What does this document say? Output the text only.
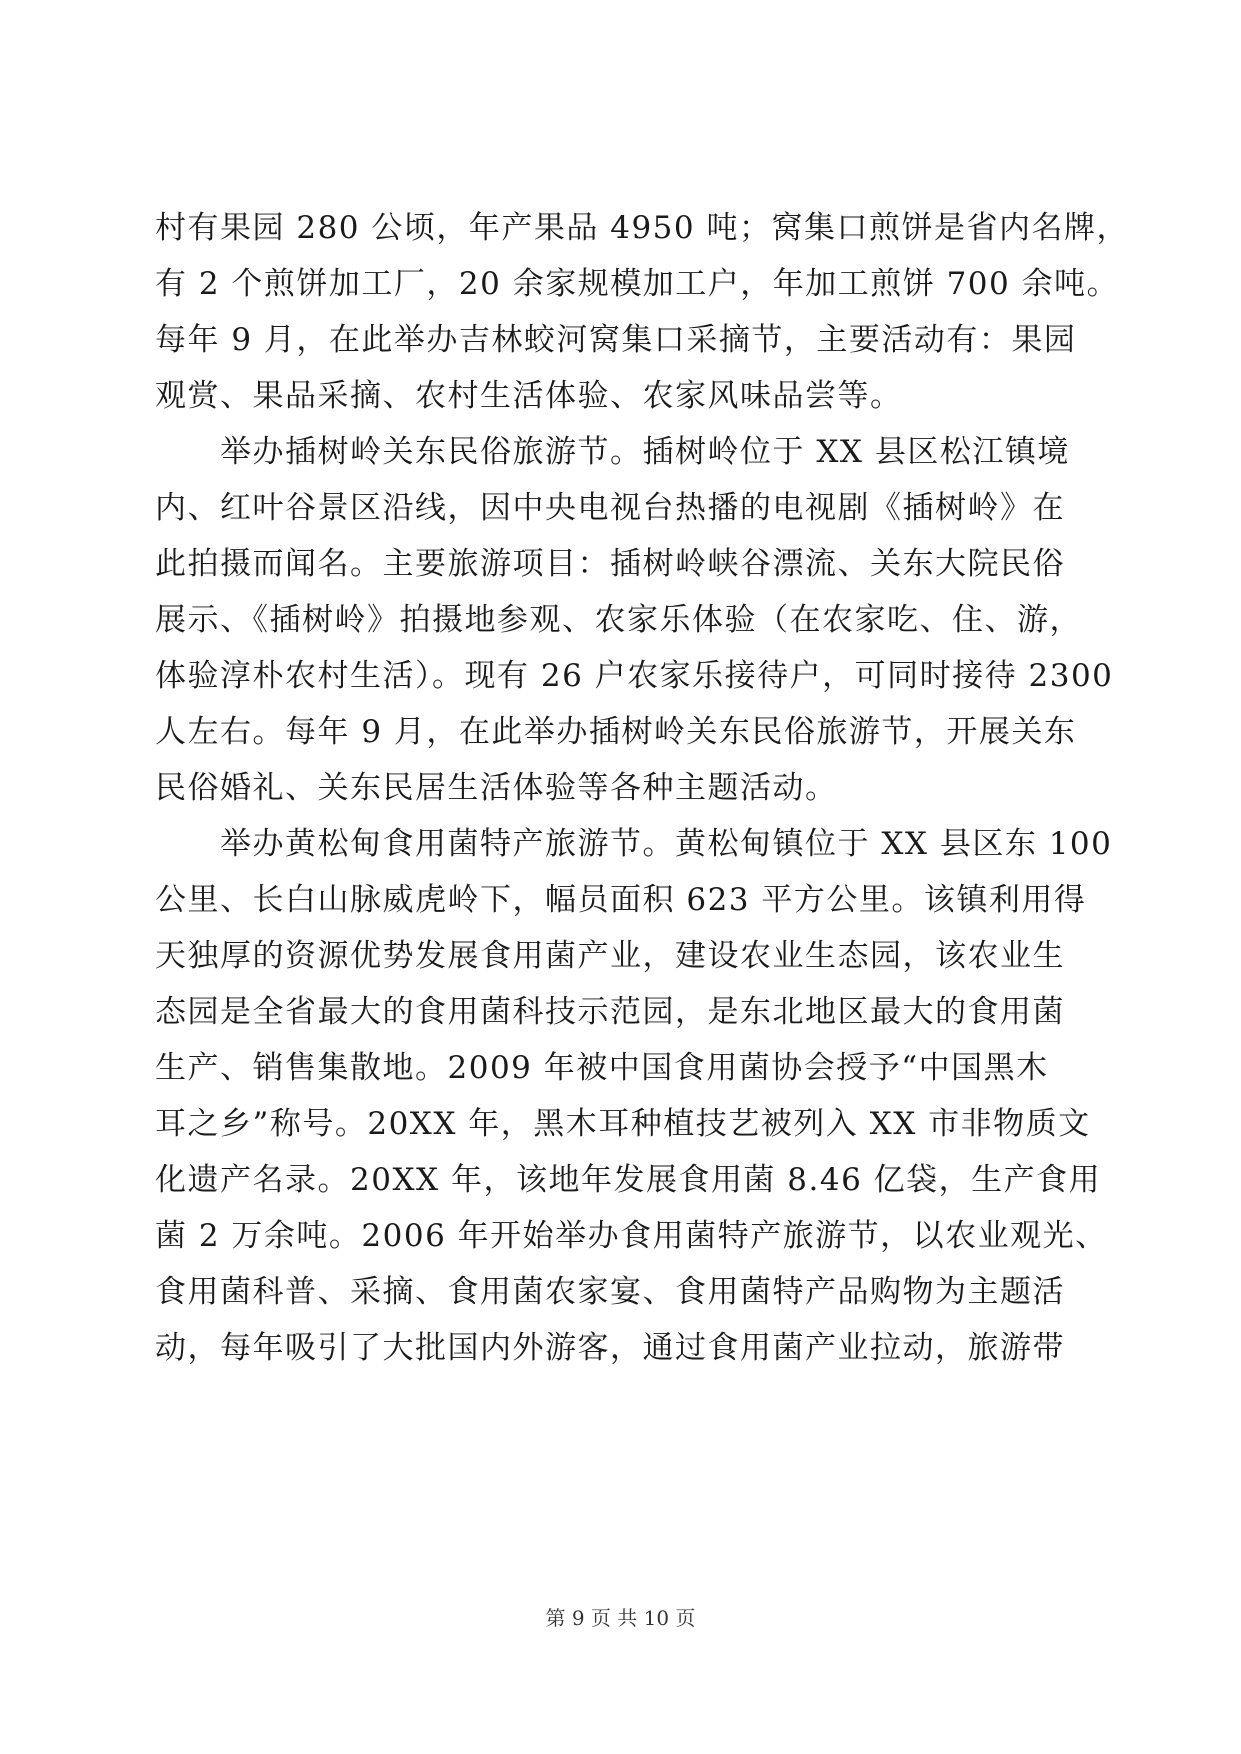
村有果园 280 公顷，年产果品 4950 吨；窝集口煎饼是省内名牌，
有 2 个煎饼加工厂，20 余家规模加工户，年加工煎饼 700 余吨。
每年 9 月，在此举办吉林蛟河窝集口采摘节，主要活动有：果园
观赏、果品采摘、农村生活体验、农家风味品尝等。
　　举办插树岭关东民俗旅游节。插树岭位于 XX 县区松江镇境
内、红叶谷景区沿线，因中央电视台热播的电视剧《插树岭》在
此拍摄而闻名。主要旅游项目：插树岭峡谷漂流、关东大院民俗
展示、《插树岭》拍摄地参观、农家乐体验（在农家吃、住、游，
体验淳朴农村生活）。现有 26 户农家乐接待户，可同时接待 2300
人左右。每年 9 月，在此举办插树岭关东民俗旅游节，开展关东
民俗婚礼、关东民居生活体验等各种主题活动。
　　举办黄松甸食用菌特产旅游节。黄松甸镇位于 XX 县区东 100
公里、长白山脉威虎岭下，幅员面积 623 平方公里。该镇利用得
天独厚的资源优势发展食用菌产业，建设农业生态园，该农业生
态园是全省最大的食用菌科技示范园，是东北地区最大的食用菌
生产、销售集散地。2009 年被中国食用菌协会授予“中国黑木
耳之乡”称号。20XX 年，黑木耳种植技艺被列入 XX 市非物质文
化遗产名录。20XX 年，该地年发展食用菌 8.46 亿袋，生产食用
菌 2 万余吨。2006 年开始举办食用菌特产旅游节，以农业观光、
食用菌科普、采摘、食用菌农家宴、食用菌特产品购物为主题活
动，每年吸引了大批国内外游客，通过食用菌产业拉动，旅游带
第 9 页 共 10 页
